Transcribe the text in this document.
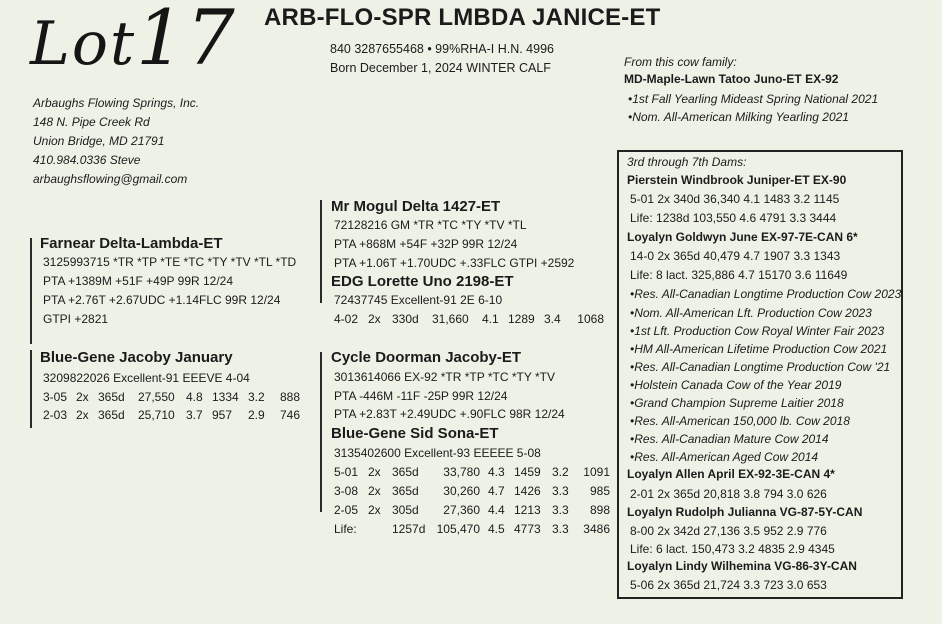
Lot17 ARB-FLO-SPR LMBDA JANICE-ET
840 3287655468 • 99%RHA-I H.N. 4996
Born December 1, 2024 WINTER CALF
Arbaughs Flowing Springs, Inc.
148 N. Pipe Creek Rd
Union Bridge, MD 21791
410.984.0336 Steve
arbaughsflowing@gmail.com
From this cow family:
MD-Maple-Lawn Tatoo Juno-ET EX-92
•1st Fall Yearling Mideast Spring National 2021
•Nom. All-American Milking Yearling 2021
Farnear Delta-Lambda-ET
3125993715 *TR *TP *TE *TC *TY *TV *TL *TD
PTA +1389M +51F +49P 99R 12/24
PTA +2.76T +2.67UDC +1.14FLC 99R 12/24
GTPI +2821
Mr Mogul Delta 1427-ET
72128216 GM *TR *TC *TY *TV *TL
PTA +868M +54F +32P 99R 12/24
PTA +1.06T +1.70UDC +.33FLC GTPI +2592
EDG Lorette Uno 2198-ET
72437745 Excellent-91 2E 6-10
4-02 2x 330d 31,660 4.1 1289 3.4 1068
Blue-Gene Jacoby January
3209822026 Excellent-91 EEEVE 4-04
3-05 2x 365d 27,550 4.8 1334 3.2 888
2-03 2x 365d 25,710 3.7 957 2.9 746
Cycle Doorman Jacoby-ET
3013614066 EX-92 *TR *TP *TC *TY *TV
PTA -446M -11F -25P 99R 12/24
PTA +2.83T +2.49UDC +.90FLC 98R 12/24
Blue-Gene Sid Sona-ET
3135402600 Excellent-93 EEEEE 5-08
5-01 2x 365d 33,780 4.3 1459 3.2 1091
3-08 2x 365d 30,260 4.7 1426 3.3 985
2-05 2x 305d 27,360 4.4 1213 3.3 898
Life:	1257d 105,470 4.5 4773 3.3 3486
3rd through 7th Dams:
Pierstein Windbrook Juniper-ET EX-90
5-01 2x 340d 36,340 4.1 1483 3.2 1145
Life: 1238d 103,550 4.6 4791 3.3 3444
Loyalyn Goldwyn June EX-97-7E-CAN 6*
14-0 2x 365d 40,479 4.7 1907 3.3 1343
Life: 8 lact. 325,886 4.7 15170 3.6 11649
•Res. All-Canadian Longtime Production Cow 2023
•Nom. All-American Lft. Production Cow 2023
•1st Lft. Production Cow Royal Winter Fair 2023
•HM All-American Lifetime Production Cow 2021
•Res. All-Canadian Longtime Production Cow '21
•Holstein Canada Cow of the Year 2019
•Grand Champion Supreme Laitier 2018
•Res. All-American 150,000 lb. Cow 2018
•Res. All-Canadian Mature Cow 2014
•Res. All-American Aged Cow 2014
Loyalyn Allen April EX-92-3E-CAN 4*
2-01 2x 365d 20,818 3.8 794 3.0 626
Loyalyn Rudolph Julianna VG-87-5Y-CAN
8-00 2x 342d 27,136 3.5 952 2.9 776
Life: 6 lact. 150,473 3.2 4835 2.9 4345
Loyalyn Lindy Wilhemina VG-86-3Y-CAN
5-06 2x 365d 21,724 3.3 723 3.0 653
